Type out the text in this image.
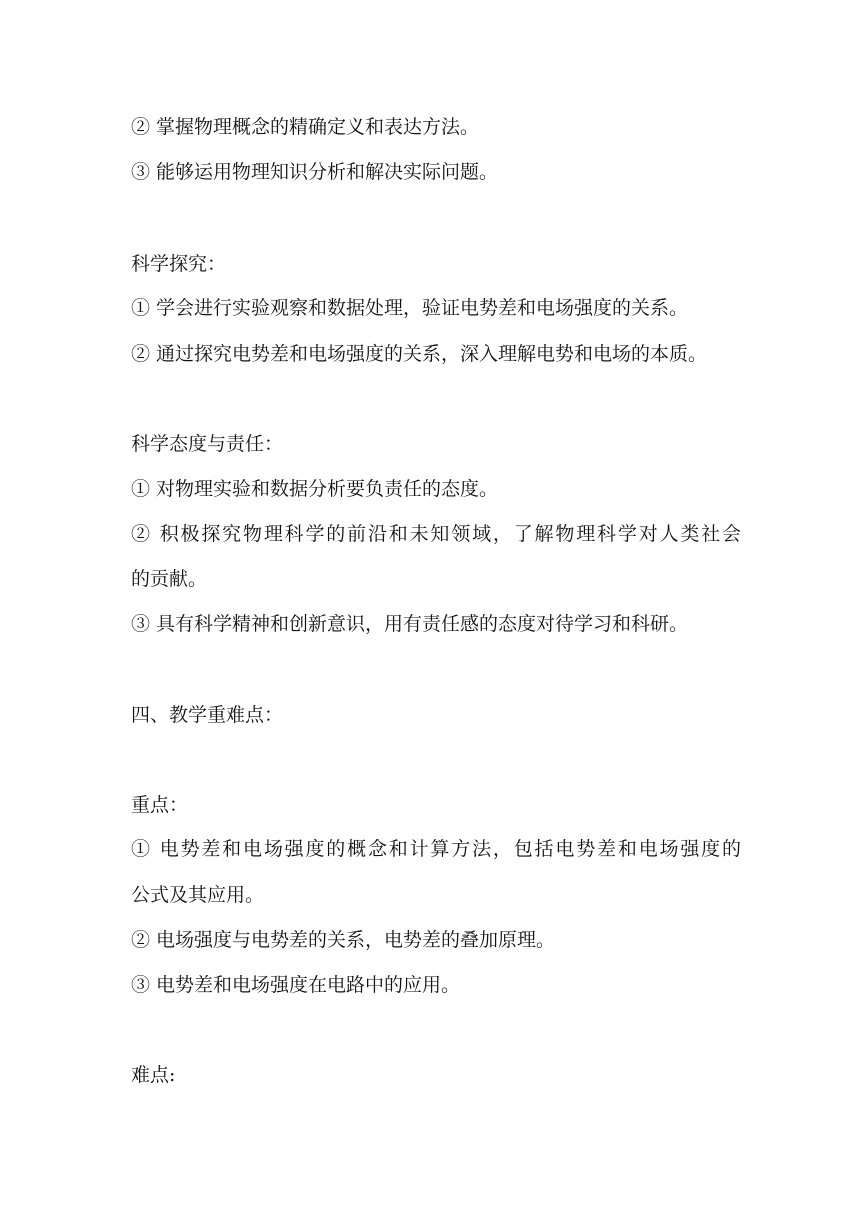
② 掌握物理概念的精确定义和表达方法。
③ 能够运用物理知识分析和解决实际问题。
科学探究：
① 学会进行实验观察和数据处理，验证电势差和电场强度的关系。
② 通过探究电势差和电场强度的关系，深入理解电势和电场的本质。
科学态度与责任：
① 对物理实验和数据分析要负责任的态度。
② 积极探究物理科学的前沿和未知领域，了解物理科学对人类社会
的贡献。
③ 具有科学精神和创新意识，用有责任感的态度对待学习和科研。
四、教学重难点：
重点：
① 电势差和电场强度的概念和计算方法，包括电势差和电场强度的
公式及其应用。
② 电场强度与电势差的关系，电势差的叠加原理。
③ 电势差和电场强度在电路中的应用。
难点:
